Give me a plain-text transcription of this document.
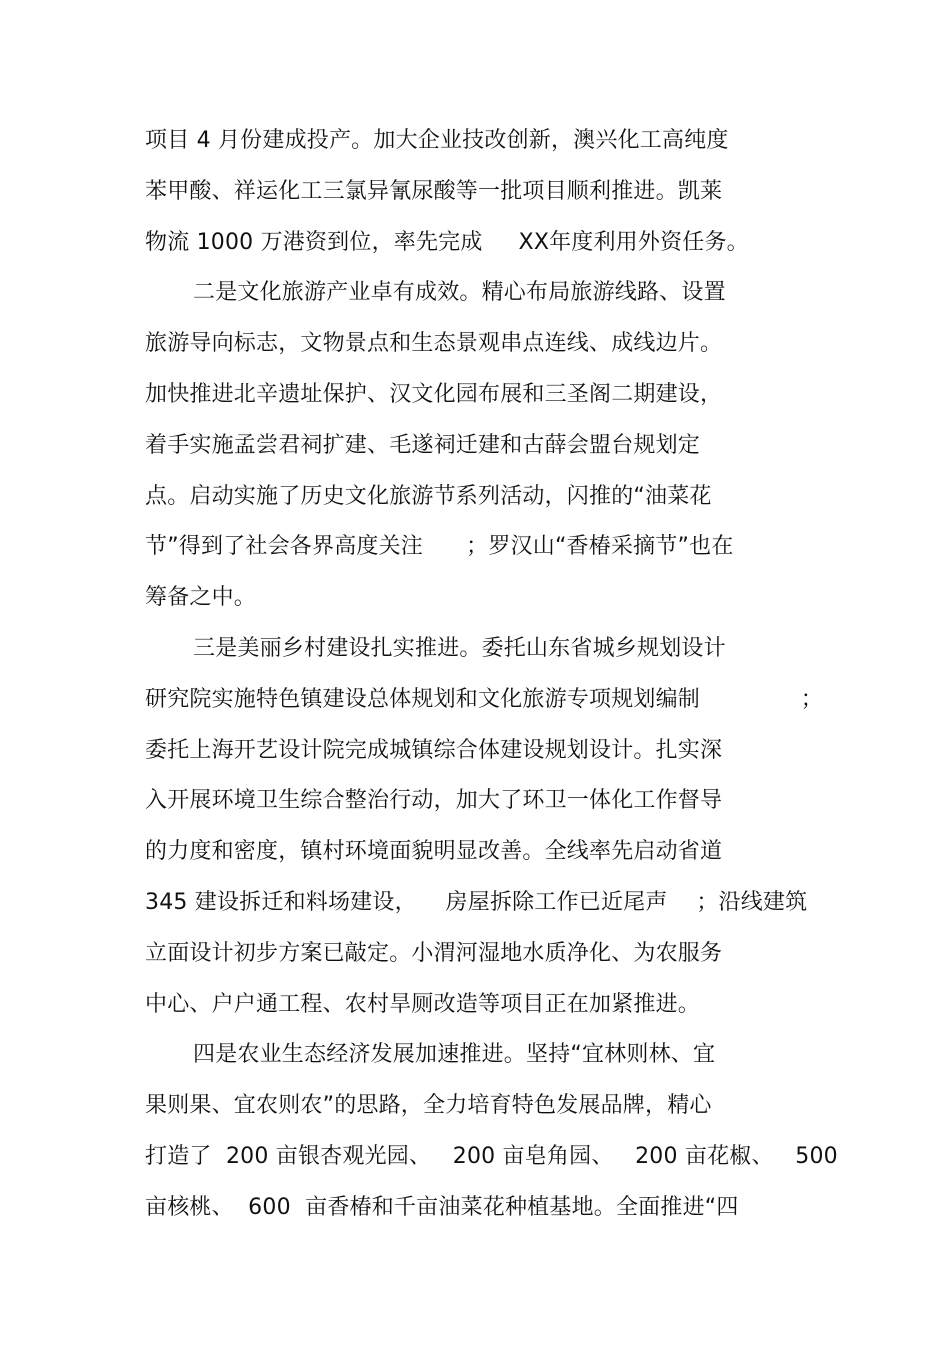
项目 4 月份建成投产。加大企业技改创新，澳兴化工高纯度
苯甲酸、祥运化工三氯异氰尿酸等一批项目顺利推进。凯莱
物流 1000 万港资到位，率先完成     XX年度利用外资任务。
二是文化旅游产业卓有成效。精心布局旅游线路、设置
旅游导向标志，文物景点和生态景观串点连线、成线边片。
加快推进北辛遗址保护、汉文化园布展和三圣阁二期建设，
着手实施孟尝君祠扩建、毛遂祠迁建和古薛会盟台规划定
点。启动实施了历史文化旅游节系列活动，闪推的“油菜花
节”得到了社会各界高度关注      ；罗汉山“香椿采摘节”也在
筹备之中。
三是美丽乡村建设扎实推进。委托山东省城乡规划设计
研究院实施特色镇建设总体规划和文化旅游专项规划编制              ；
委托上海开艺设计院完成城镇综合体建设规划设计。扎实深
入开展环境卫生综合整治行动，加大了环卫一体化工作督导
的力度和密度，镇村环境面貌明显改善。全线率先启动省道
345 建设拆迁和料场建设，    房屋拆除工作已近尾声    ；沿线建筑
立面设计初步方案已敲定。小渭河湿地水质净化、为农服务
中心、户户通工程、农村旱厕改造等项目正在加紧推进。
四是农业生态经济发展加速推进。坚持“宜林则林、宜
果则果、宜农则农”的思路，全力培育特色发展品牌，精心
打造了  200 亩银杏观光园、   200 亩皂角园、   200 亩花椒、   500
亩核桃、  600  亩香椿和千亩油菜花种植基地。全面推进“四
